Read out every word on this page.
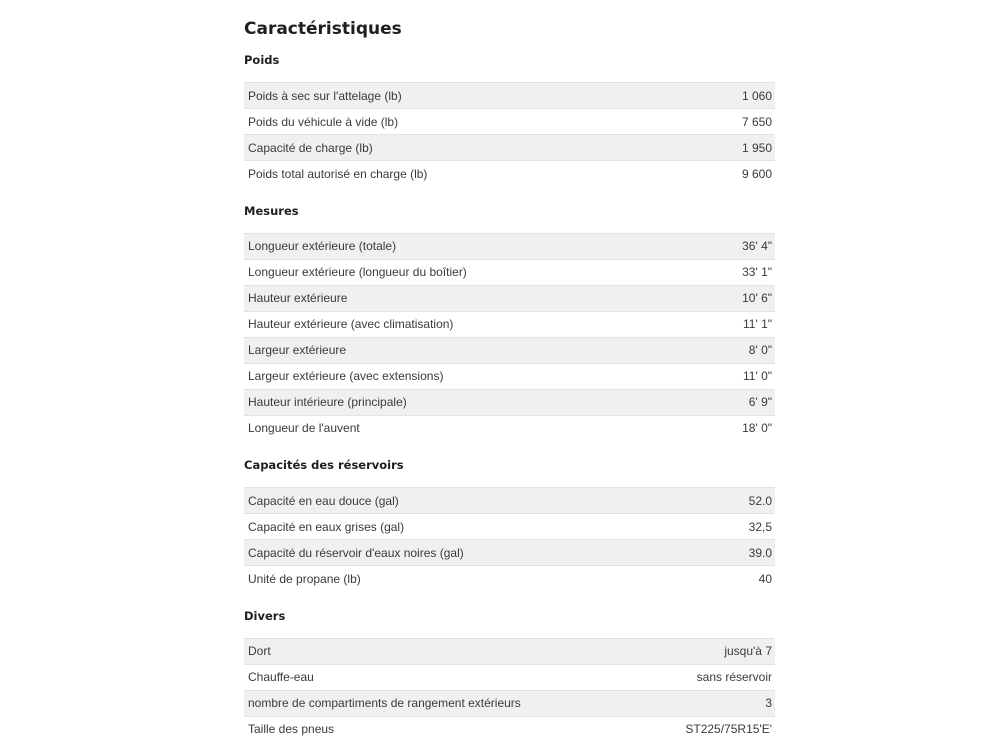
Caractéristiques
Poids
Poids à sec sur l'attelage (lb)	1 060
Poids du véhicule à vide (lb)	7 650
Capacité de charge (lb)	1 950
Poids total autorisé en charge (lb)	9 600
Mesures
Longueur extérieure (totale)	36' 4"
Longueur extérieure (longueur du boîtier)	33' 1"
Hauteur extérieure	10' 6"
Hauteur extérieure (avec climatisation)	11' 1"
Largeur extérieure	8' 0"
Largeur extérieure (avec extensions)	11' 0"
Hauteur intérieure (principale)	6' 9"
Longueur de l'auvent	18' 0"
Capacités des réservoirs
Capacité en eau douce (gal)	52.0
Capacité en eaux grises (gal)	32,5
Capacité du réservoir d'eaux noires (gal)	39.0
Unité de propane (lb)	40
Divers
Dort	jusqu'à 7
Chauffe-eau	sans réservoir
nombre de compartiments de rangement extérieurs	3
Taille des pneus	ST225/75R15'E'
